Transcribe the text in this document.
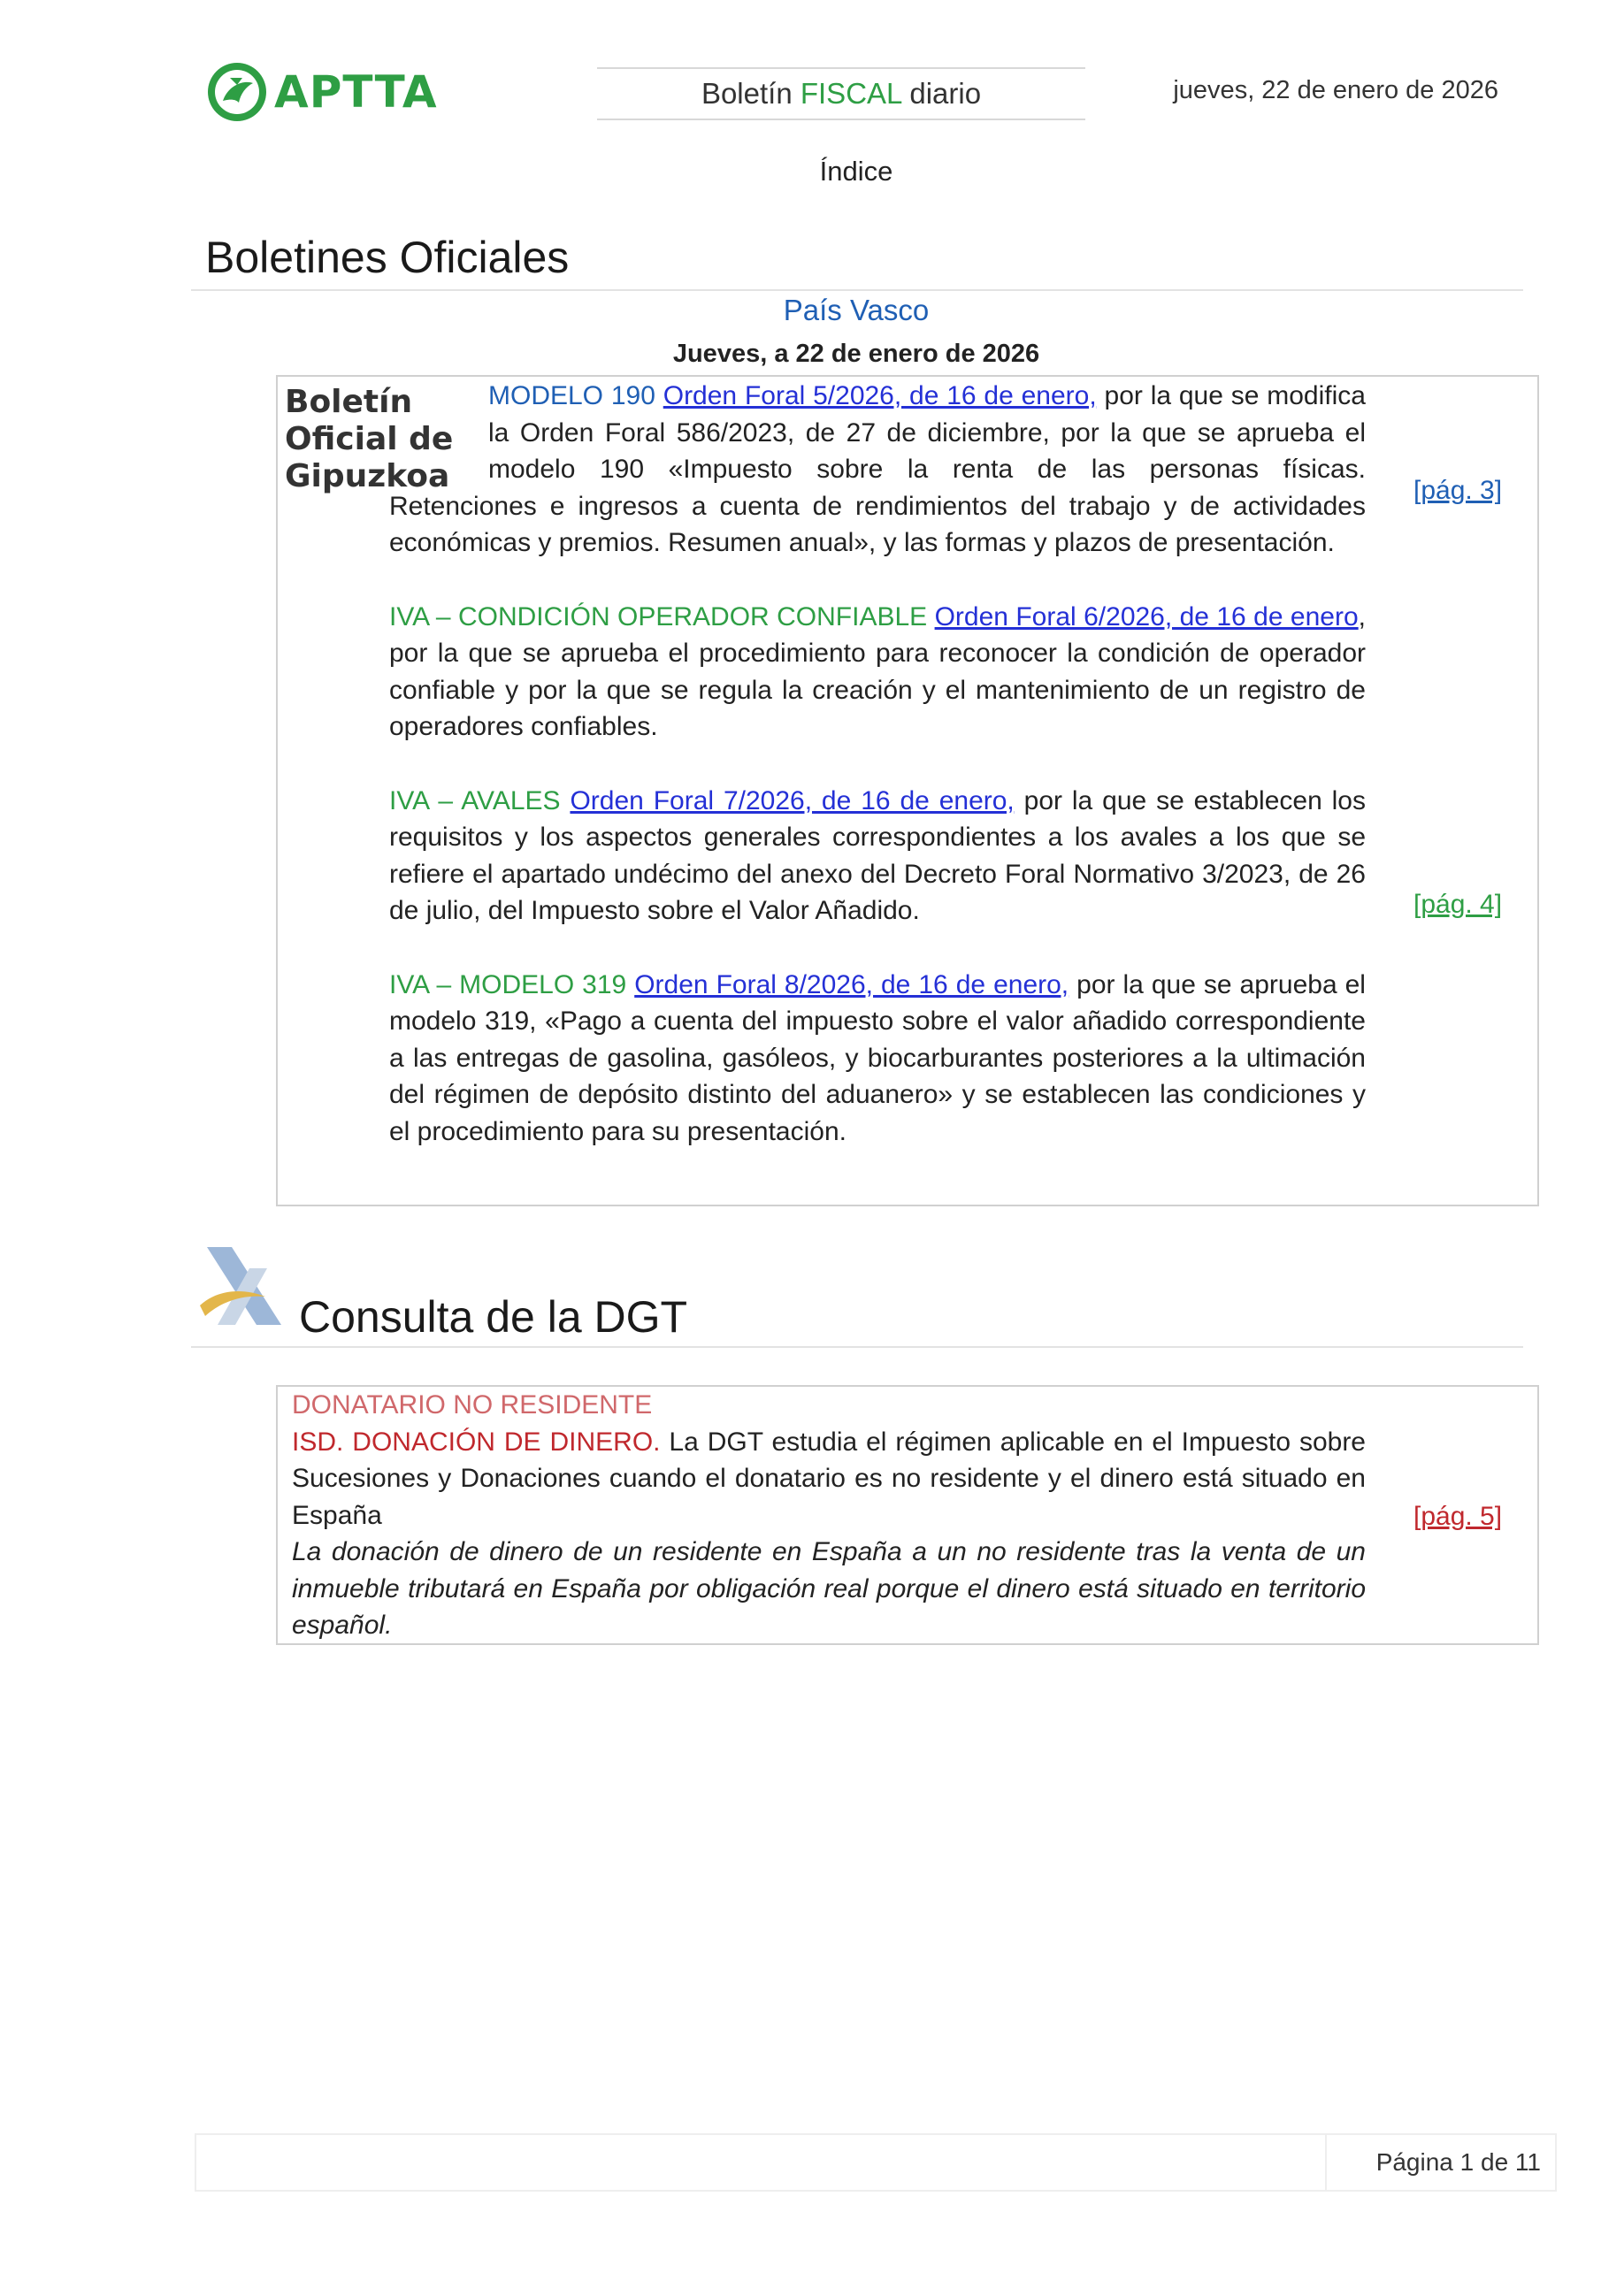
APTTA	Boletín FISCAL diario	jueves, 22 de enero de 2026
Índice
Boletines Oficiales
País Vasco
Jueves, a 22 de enero de 2026
Boletín
Oficial de
Gipuzkoa
MODELO 190 Orden Foral 5/2026, de 16 de enero, por la que se modifica la Orden Foral 586/2023, de 27 de diciembre, por la que se aprueba el modelo 190 «Impuesto sobre la renta de las personas físicas. Retenciones e ingresos a cuenta de rendimientos del trabajo y de actividades económicas y premios. Resumen anual», y las formas y plazos de presentación.
IVA – CONDICIÓN OPERADOR CONFIABLE Orden Foral 6/2026, de 16 de enero, por la que se aprueba el procedimiento para reconocer la condición de operador confiable y por la que se regula la creación y el mantenimiento de un registro de operadores confiables.
IVA – AVALES Orden Foral 7/2026, de 16 de enero, por la que se establecen los requisitos y los aspectos generales correspondientes a los avales a los que se refiere el apartado undécimo del anexo del Decreto Foral Normativo 3/2023, de 26 de julio, del Impuesto sobre el Valor Añadido.
IVA – MODELO 319 Orden Foral 8/2026, de 16 de enero, por la que se aprueba el modelo 319, «Pago a cuenta del impuesto sobre el valor añadido correspondiente a las entregas de gasolina, gasóleos, y biocarburantes posteriores a la ultimación del régimen de depósito distinto del aduanero» y se establecen las condiciones y el procedimiento para su presentación.
[pág. 3]
[pág. 4]
Consulta de la DGT
DONATARIO NO RESIDENTE
ISD. DONACIÓN DE DINERO. La DGT estudia el régimen aplicable en el Impuesto sobre Sucesiones y Donaciones cuando el donatario es no residente y el dinero está situado en España
La donación de dinero de un residente en España a un no residente tras la venta de un inmueble tributará en España por obligación real porque el dinero está situado en territorio español.
[pág. 5]
Página 1 de 11
